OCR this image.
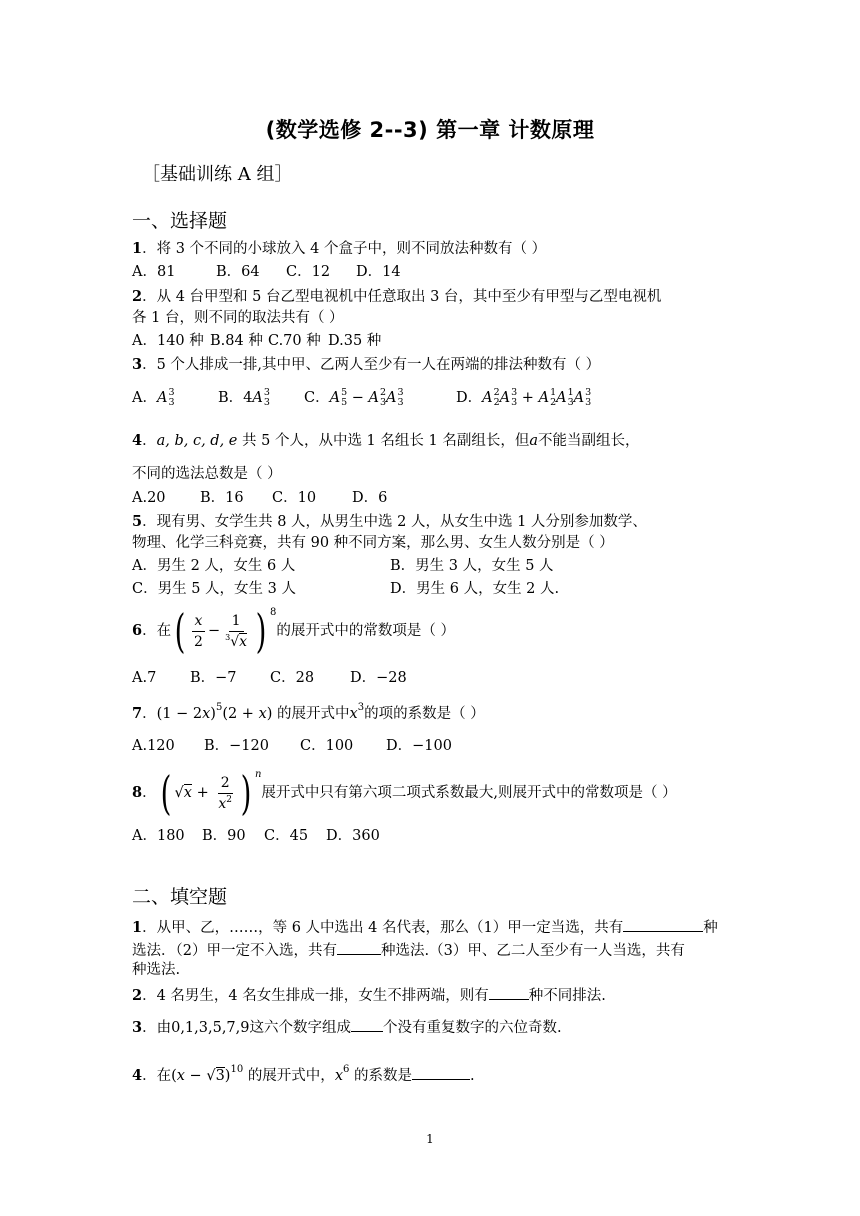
(数学选修 2--3) 第一章 计数原理
［基础训练 A 组］
一、选择题
1．将 3 个不同的小球放入 4 个盒子中，则不同放法种数有（ ）
A．81	B．64 C．12 D．14
2．从 4 台甲型和 5 台乙型电视机中任意取出 3 台，其中至少有甲型与乙型电视机
各 1 台，则不同的取法共有（ ）
A．140 种 B.84 种 C.70 种 D.35 种
3．5 个人排成一排,其中甲、乙两人至少有一人在两端的排法种数有（ ）
A．A 3
3	B．4A 3
3 C．A 5
5 − A 2
3 A 3
3	D．A 2
2 A 3
3 + A 1
2 A 1
3 A 3
3
4．a, b, c, d, e 共 5 个人，从中选 1 名组长 1 名副组长，但a不能当副组长，
不同的选法总数是（ ）
A.20 B．16 C．10 D．6
5．现有男、女学生共 8 人，从男生中选 2 人，从女生中选 1 人分别参加数学、
物理、化学三科竞赛，共有 90 种不同方案，那么男、女生人数分别是（ ）
A．男生 2 人，女生 6 人	B．男生 3 人，女生 5 人
C．男生 5 人，女生 3 人	D．男生 6 人，女生 2 人.
6．在( $\frac{x}{2} - \frac{1}{^3√x}$ ) $^8$的展开式中的常数项是（ ）
A.7 B．−7 C．28 D．−28
7．$(1 - 2x)^5(2 + x)$ 的展开式中$x^3$的项的系数是（ ）
A.120 B．−120 C．100 D．−100
8．( $√x + \frac{2}{x^2}$ ) $^n$展开式中只有第六项二项式系数最大,则展开式中的常数项是（ ）
A．180 B．90 C．45 D．360
二、填空题
1．从甲、乙，……，等 6 人中选出 4 名代表，那么（1）甲一定当选，共有	种
选法．（2）甲一定不入选，共有	种选法.（3）甲、乙二人至少有一人当选，共有
种选法.
2．4 名男生，4 名女生排成一排，女生不排两端，则有	种不同排法.
3．由0,1,3,5,7,9这六个数字组成 个没有重复数字的六位奇数.
4．在$(x - √3)^{10}$ 的展开式中，$x^6$ 的系数是	.
1
